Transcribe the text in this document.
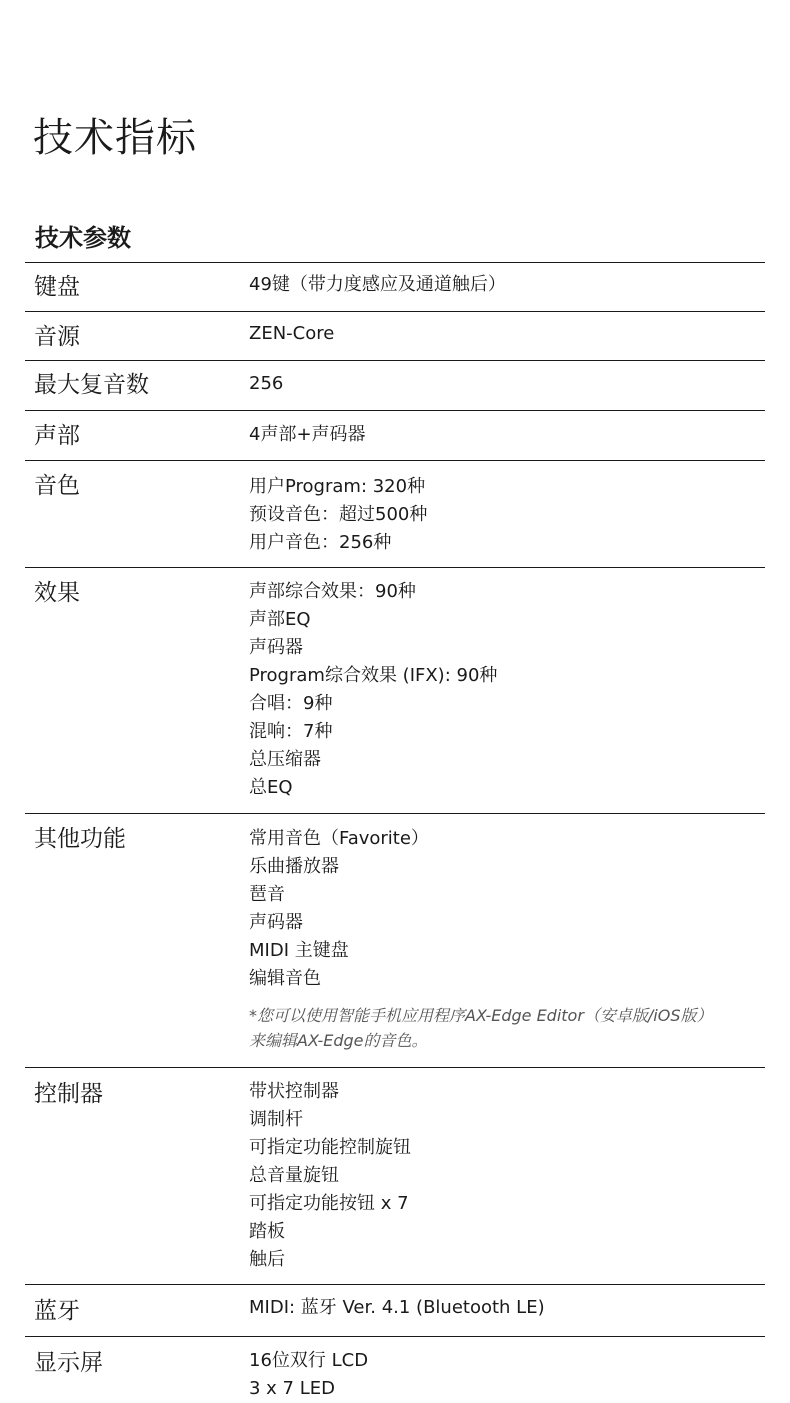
技术指标
技术参数
键盘	49键（带力度感应及通道触后）
音源	ZEN-Core
最大复音数	256
声部	4声部+声码器
音色	用户Program: 320种
预设音色：超过500种
用户音色：256种
效果	声部综合效果：90种
声部EQ
声码器
Program综合效果 (IFX): 90种
合唱：9种
混响：7种
总压缩器
总EQ
其他功能	常用音色（Favorite）
乐曲播放器
琶音
声码器
MIDI 主键盘
编辑音色
*您可以使用智能手机应用程序AX-Edge Editor（安卓版/iOS版）
来编辑AX-Edge的音色。
控制器	带状控制器
调制杆
可指定功能控制旋钮
总音量旋钮
可指定功能按钮 x 7
踏板
触后
蓝牙	MIDI: 蓝牙 Ver. 4.1 (Bluetooth LE)
显示屏	16位双行 LCD
3 x 7 LED
